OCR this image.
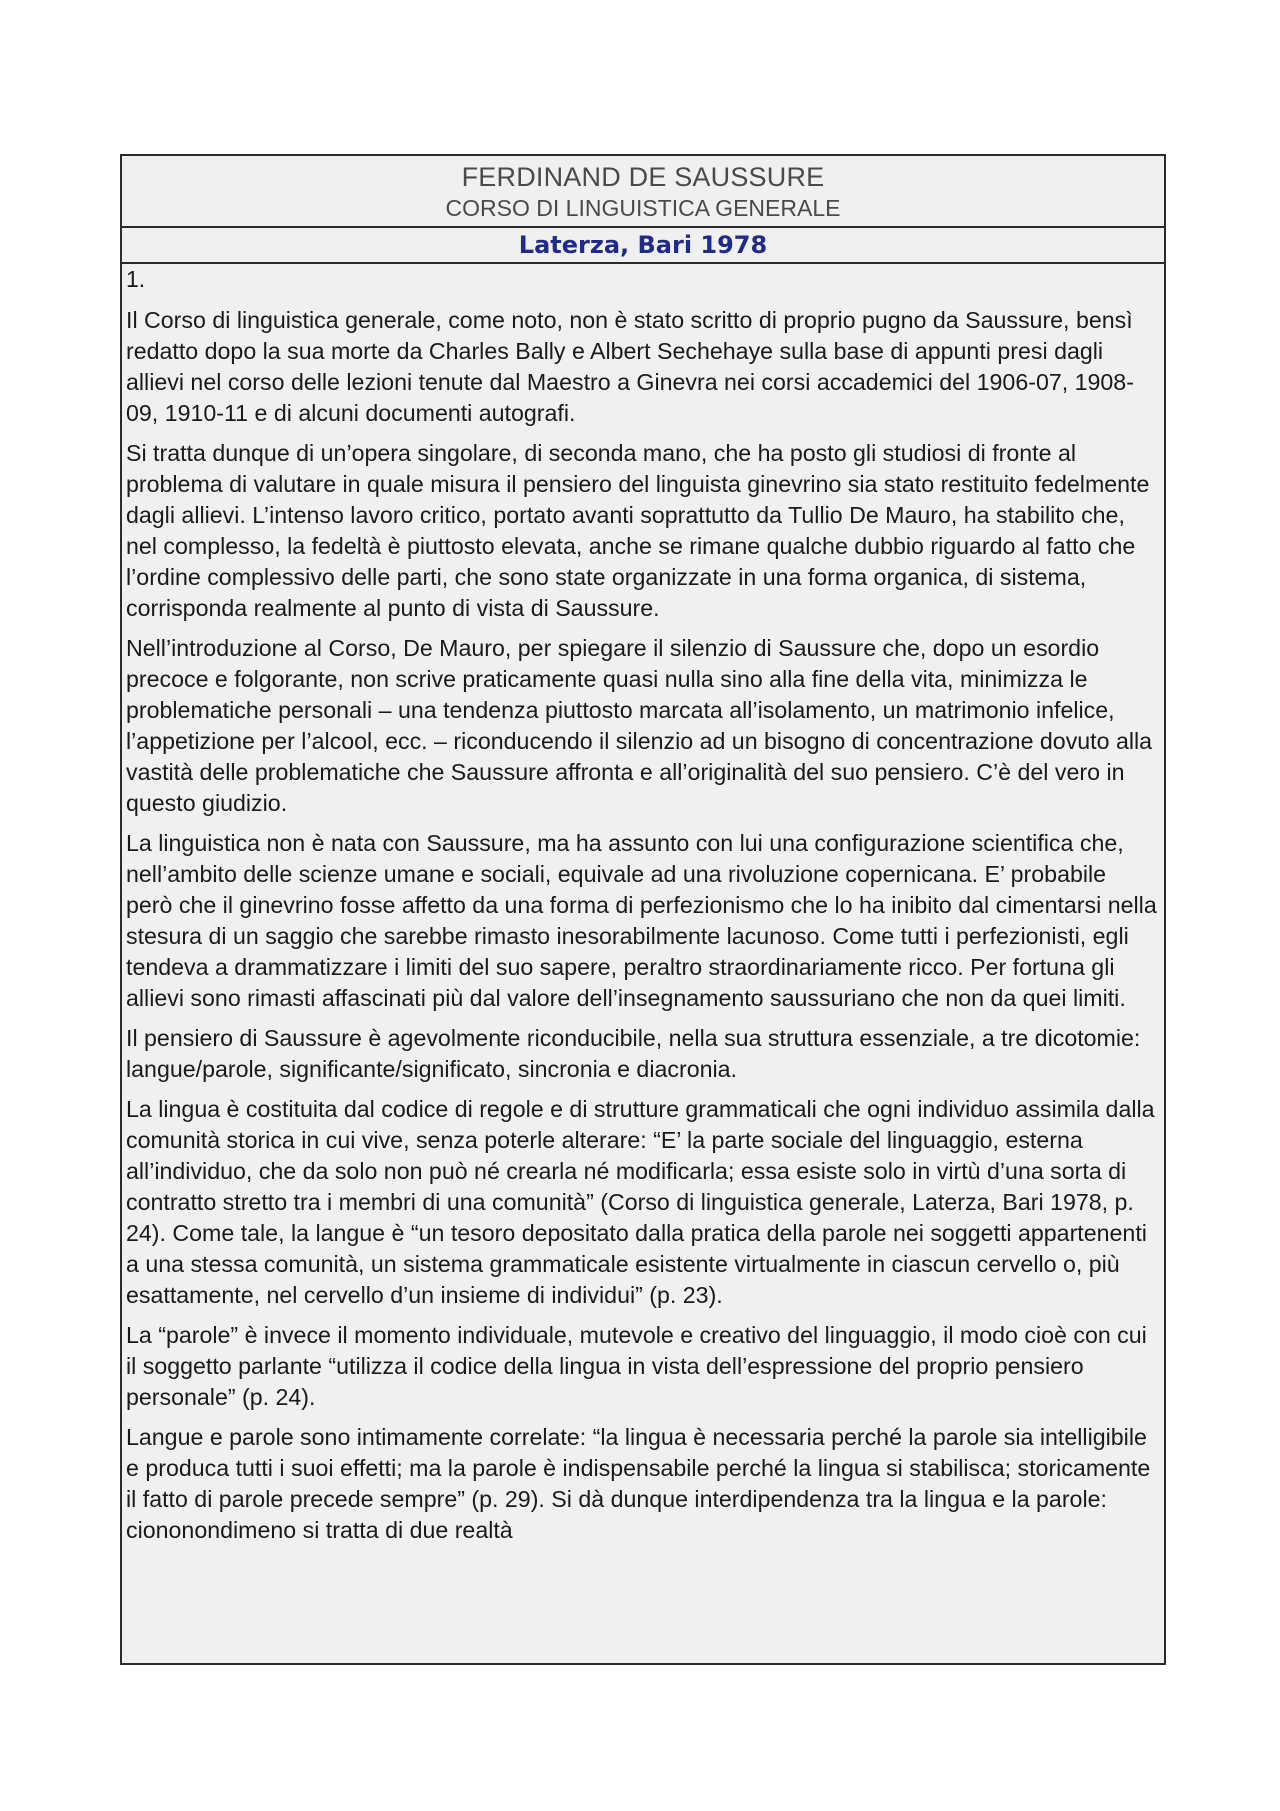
FERDINAND DE SAUSSURE
CORSO DI LINGUISTICA GENERALE
Laterza, Bari 1978
1.

Il Corso di linguistica generale, come noto, non è stato scritto di proprio pugno da Saussure, bensì redatto dopo la sua morte da Charles Bally e Albert Sechehaye sulla base di appunti presi dagli allievi nel corso delle lezioni tenute dal Maestro a Ginevra nei corsi accademici del 1906-07, 1908-09, 1910-11 e di alcuni documenti autografi.

Si tratta dunque di un’opera singolare, di seconda mano, che ha posto gli studiosi di fronte al problema di valutare in quale misura il pensiero del linguista ginevrino sia stato restituito fedelmente dagli allievi. L’intenso lavoro critico, portato avanti soprattutto da Tullio De Mauro, ha stabilito che, nel complesso, la fedeltà è piuttosto elevata, anche se rimane qualche dubbio riguardo al fatto che l’ordine complessivo delle parti, che sono state organizzate in una forma organica, di sistema, corrisponda realmente al punto di vista di Saussure.

Nell’introduzione al Corso, De Mauro, per spiegare il silenzio di Saussure che, dopo un esordio precoce e folgorante, non scrive praticamente quasi nulla sino alla fine della vita, minimizza le problematiche personali – una tendenza piuttosto marcata all’isolamento, un matrimonio infelice, l’appetizione per l’alcool, ecc. – riconducendo il silenzio ad un bisogno di concentrazione dovuto alla vastità delle problematiche che Saussure affronta e all’originalità del suo pensiero. C’è del vero in questo giudizio.

La linguistica non è nata con Saussure, ma ha assunto con lui una configurazione scientifica che, nell’ambito delle scienze umane e sociali, equivale ad una rivoluzione copernicana. E’ probabile però che il ginevrino fosse affetto da una forma di perfezionismo che lo ha inibito dal cimentarsi nella stesura di un saggio che sarebbe rimasto inesorabilmente lacunoso. Come tutti i perfezionisti, egli tendeva a drammatizzare i limiti del suo sapere, peraltro straordinariamente ricco. Per fortuna gli allievi sono rimasti affascinati più dal valore dell’insegnamento saussuriano che non da quei limiti.

Il pensiero di Saussure è agevolmente riconducibile, nella sua struttura essenziale, a tre dicotomie: langue/parole, significante/significato, sincronia e diacronia.

La lingua è costituita dal codice di regole e di strutture grammaticali che ogni individuo assimila dalla comunità storica in cui vive, senza poterle alterare: “E’ la parte sociale del linguaggio, esterna all’individuo, che da solo non può né crearla né modificarla; essa esiste solo in virtù d’una sorta di contratto stretto tra i membri di una comunità” (Corso di linguistica generale, Laterza, Bari 1978, p. 24). Come tale, la langue è “un tesoro depositato dalla pratica della parole nei soggetti appartenenti a una stessa comunità, un sistema grammaticale esistente virtualmente in ciascun cervello o, più esattamente, nel cervello d’un insieme di individui” (p. 23).

La “parole” è invece il momento individuale, mutevole e creativo del linguaggio, il modo cioè con cui il soggetto parlante “utilizza il codice della lingua in vista dell’espressione del proprio pensiero personale” (p. 24).

Langue e parole sono intimamente correlate: “la lingua è necessaria perché la parole sia intelligibile e produca tutti i suoi effetti; ma la parole è indispensabile perché la lingua si stabilisca; storicamente il fatto di parole precede sempre” (p. 29). Si dà dunque interdipendenza tra la lingua e la parole: ciononondimeno si tratta di due realtà
